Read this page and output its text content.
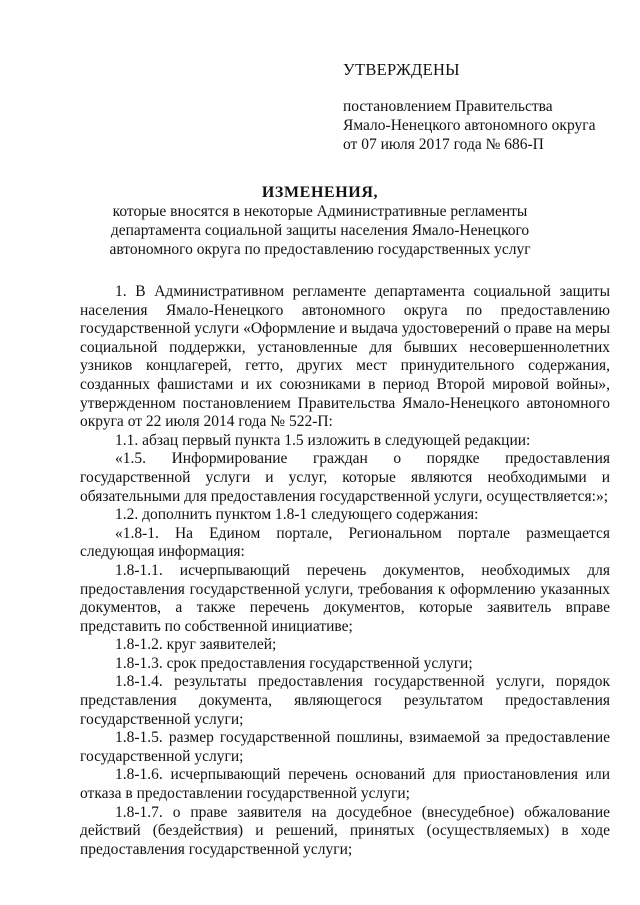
УТВЕРЖДЕНЫ
постановлением Правительства
Ямало-Ненецкого автономного округа
от 07 июля 2017 года № 686-П
ИЗМЕНЕНИЯ,
которые вносятся в некоторые Административные регламенты
департамента социальной защиты населения Ямало-Ненецкого
автономного округа по предоставлению государственных услуг

1. В Административном регламенте департамента социальной защиты населения Ямало-Ненецкого автономного округа по предоставлению государственной услуги «Оформление и выдача удостоверений о праве на меры социальной поддержки, установленные для бывших несовершеннолетних узников концлагерей, гетто, других мест принудительного содержания, созданных фашистами и их союзниками в период Второй мировой войны», утвержденном постановлением Правительства Ямало-Ненецкого автономного округа от 22 июля 2014 года № 522-П:

1.1. абзац первый пункта 1.5 изложить в следующей редакции:

«1.5. Информирование граждан о порядке предоставления государственной услуги и услуг, которые являются необходимыми и обязательными для предоставления государственной услуги, осуществляется:»;

1.2. дополнить пунктом 1.8-1 следующего содержания:

«1.8-1. На Едином портале, Региональном портале размещается следующая информация:

1.8-1.1. исчерпывающий перечень документов, необходимых для предоставления государственной услуги, требования к оформлению указанных документов, а также перечень документов, которые заявитель вправе представить по собственной инициативе;

1.8-1.2. круг заявителей;

1.8-1.3. срок предоставления государственной услуги;

1.8-1.4. результаты предоставления государственной услуги, порядок представления документа, являющегося результатом предоставления государственной услуги;

1.8-1.5. размер государственной пошлины, взимаемой за предоставление государственной услуги;

1.8-1.6. исчерпывающий перечень оснований для приостановления или отказа в предоставлении государственной услуги;

1.8-1.7. о праве заявителя на досудебное (внесудебное) обжалование действий (бездействия) и решений, принятых (осуществляемых) в ходе предоставления государственной услуги;
